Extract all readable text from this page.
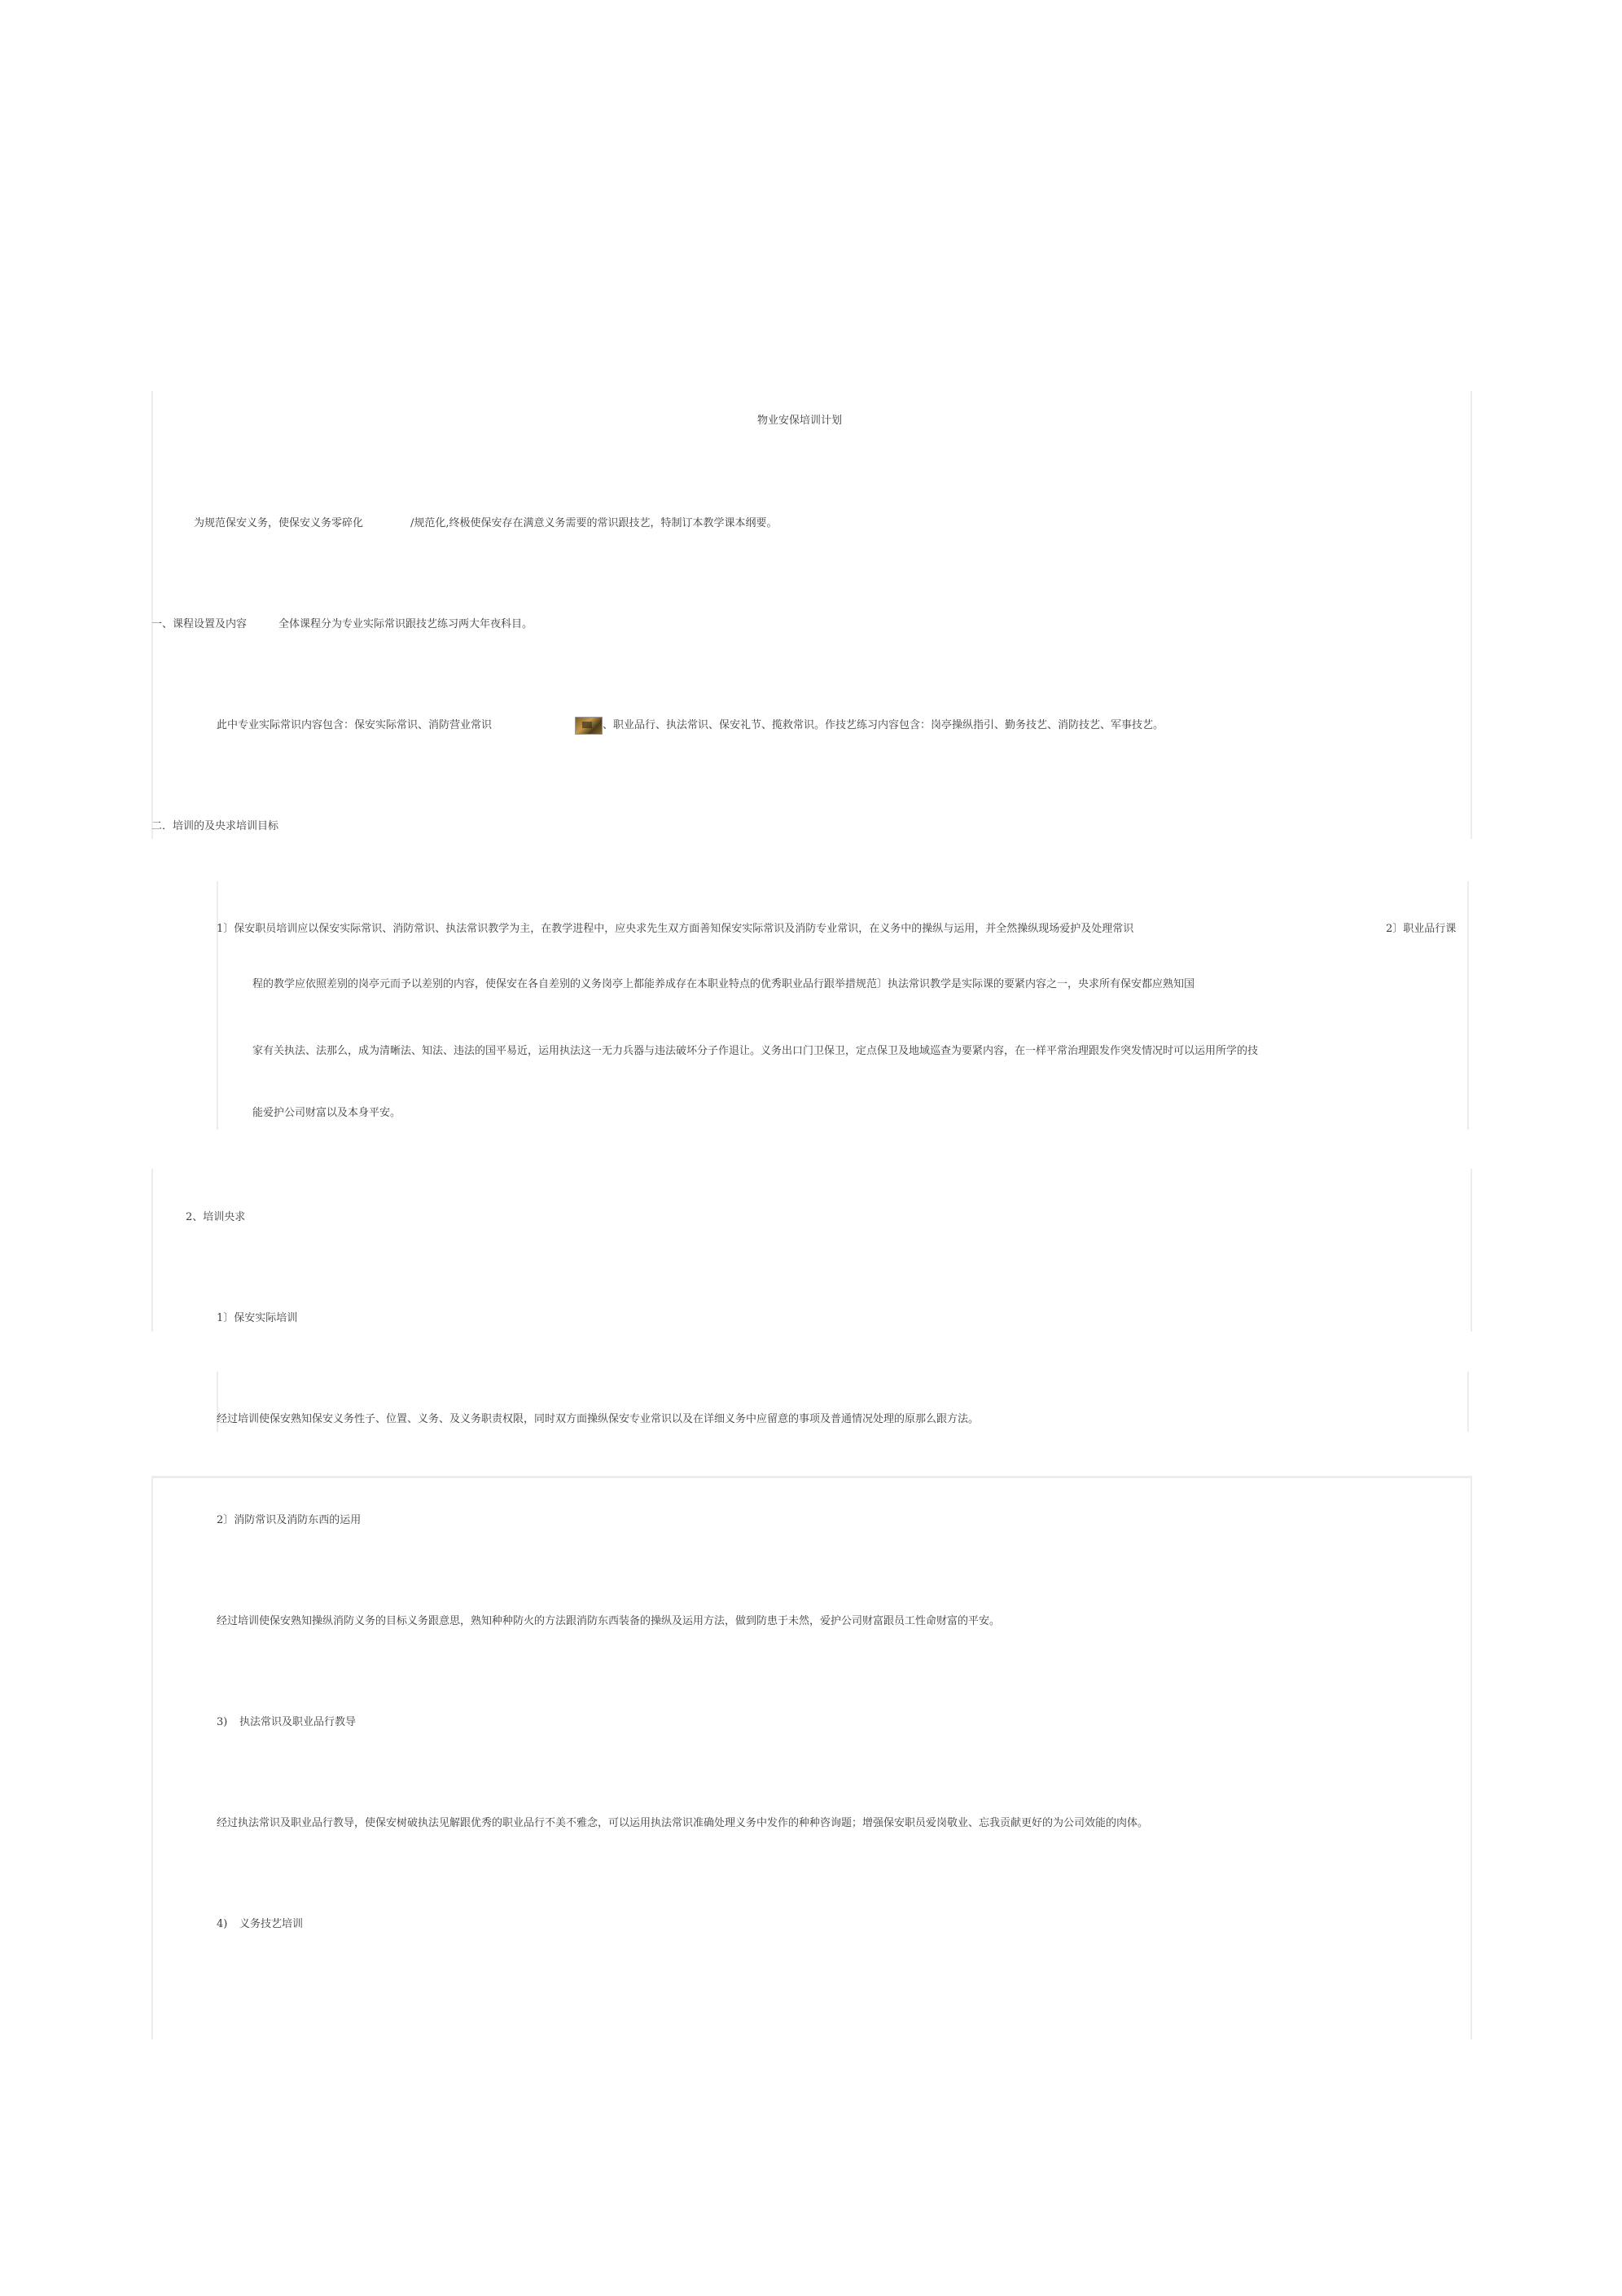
物业安保培训计划
为规范保安义务，使保安义务零碎化	/规范化,终极使保安存在满意义务需要的常识跟技艺，特制订本教学课本纲要。
一、课程设置及内容	全体课程分为专业实际常识跟技艺练习两大年夜科目。
此中专业实际常识内容包含：保安实际常识、消防营业常识	、职业品行、执法常识、保安礼节、揽救常识。作技艺练习内容包含：岗亭操纵指引、勤务技艺、消防技艺、军事技艺。
二．培训的及央求培训目标
1〕保安职员培训应以保安实际常识、消防常识、执法常识教学为主，在教学进程中，应央求先生双方面善知保安实际常识及消防专业常识，在义务中的操纵与运用，并全然操纵现场爱护及处理常识	2〕职业品行课
程的教学应依照差别的岗亭元而予以差别的内容，使保安在各自差别的义务岗亭上都能养成存在本职业特点的优秀职业品行跟举措规范〕执法常识教学是实际课的要紧内容之一，央求所有保安都应熟知国
家有关执法、法那么，成为清晰法、知法、违法的国平易近，运用执法这一无力兵器与违法破坏分子作退让。义务出口门卫保卫，定点保卫及地域巡查为要紧内容，在一样平常治理跟发作突发情况时可以运用所学的技
能爱护公司财富以及本身平安。
2、培训央求
1〕保安实际培训
经过培训使保安熟知保安义务性子、位置、义务、及义务职责权限，同时双方面操纵保安专业常识以及在详细义务中应留意的事项及普通情况处理的原那么跟方法。
2〕消防常识及消防东西的运用
经过培训使保安熟知操纵消防义务的目标义务跟意思，熟知种种防火的方法跟消防东西装备的操纵及运用方法，做到防患于未然，爱护公司财富跟员工性命财富的平安。
3) 执法常识及职业品行教导
经过执法常识及职业品行教导，使保安树破执法见解跟优秀的职业品行不美不雅念，可以运用执法常识准确处理义务中发作的种种咨询题；增强保安职员爱岗敬业、忘我贡献更好的为公司效能的肉体。
4) 义务技艺培训
